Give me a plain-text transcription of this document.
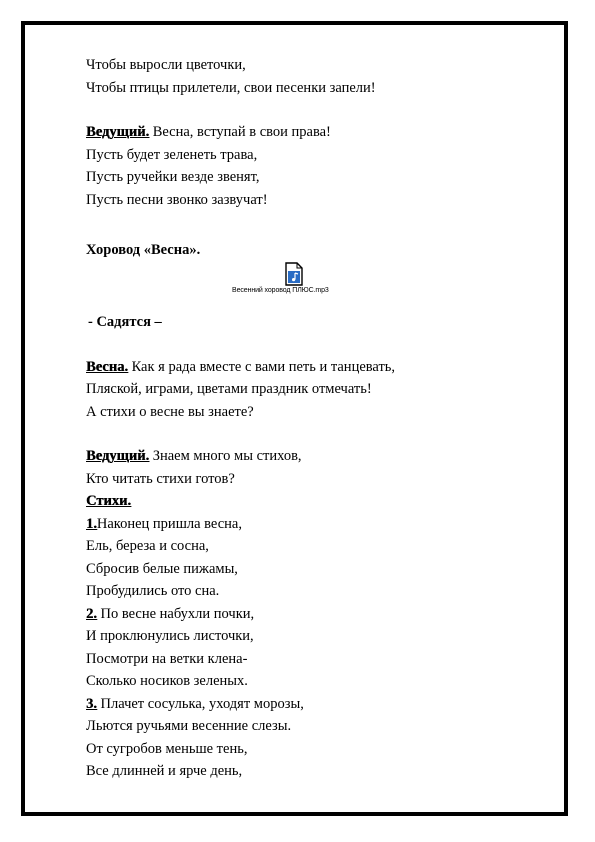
Чтобы выросли цветочки,
Чтобы птицы прилетели, свои песенки запели!
Ведущий. Весна, вступай в свои права!
Пусть будет зеленеть трава,
Пусть ручейки везде звенят,
Пусть песни звонко зазвучат!
Хоровод «Весна».
Весенний хоровод ПЛЮС.mp3
- Садятся –
Весна. Как я рада вместе с вами петь и танцевать,
Пляской, играми, цветами праздник отмечать!
А стихи о весне вы знаете?
Ведущий. Знаем много мы стихов,
Кто читать стихи готов?
Стихи.
1.Наконец пришла весна,
Ель, береза и сосна,
Сбросив белые пижамы,
Пробудились ото сна.
2. По весне набухли почки,
И проклюнулись листочки,
Посмотри на ветки клена-
Сколько носиков зеленых.
3. Плачет сосулька, уходят морозы,
Льются ручьями весенние слезы.
От сугробов меньше тень,
Все длинней и ярче день,
